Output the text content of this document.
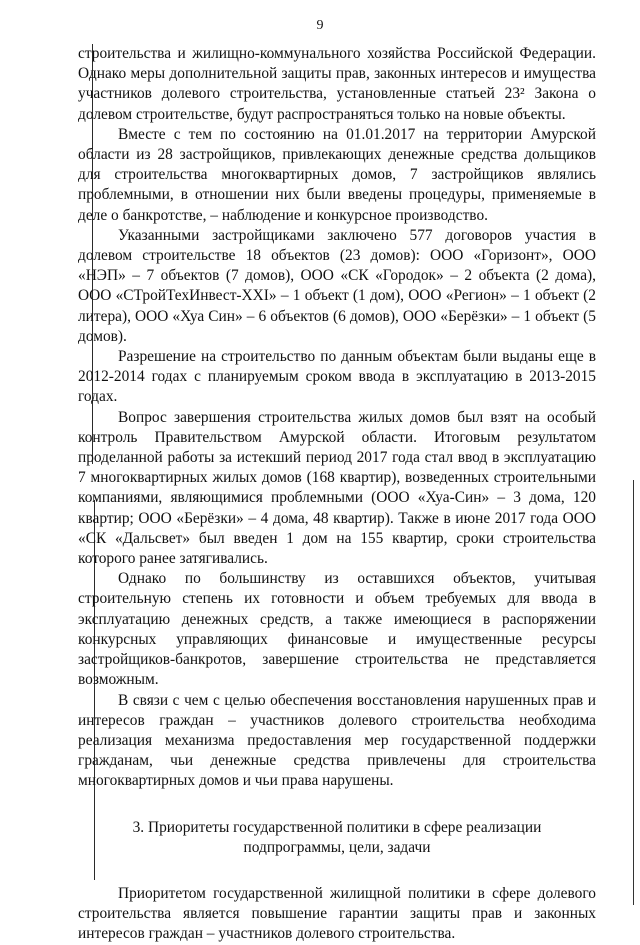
9

строительства и жилищно-коммунального хозяйства Российской Федерации. Однако меры дополнительной защиты прав, законных интересов и имущества участников долевого строительства, установленные статьей 23² Закона о долевом строительстве, будут распространяться только на новые объекты.

Вместе с тем по состоянию на 01.01.2017 на территории Амурской области из 28 застройщиков, привлекающих денежные средства дольщиков для строительства многоквартирных домов, 7 застройщиков являлись проблемными, в отношении них были введены процедуры, применяемые в деле о банкротстве, – наблюдение и конкурсное производство.

Указанными застройщиками заключено 577 договоров участия в долевом строительстве 18 объектов (23 домов): ООО «Горизонт», ООО «НЭП» – 7 объектов (7 домов), ООО «СК «Городок» – 2 объекта (2 дома), ООО «СТройТехИнвест-XXI» – 1 объект (1 дом), ООО «Регион» – 1 объект (2 литера), ООО «Хуа Син» – 6 объектов (6 домов), ООО «Берёзки» – 1 объект (5 домов).

Разрешение на строительство по данным объектам были выданы еще в 2012-2014 годах с планируемым сроком ввода в эксплуатацию в 2013-2015 годах.

Вопрос завершения строительства жилых домов был взят на особый контроль Правительством Амурской области. Итоговым результатом проделанной работы за истекший период 2017 года стал ввод в эксплуатацию 7 многоквартирных жилых домов (168 квартир), возведенных строительными компаниями, являющимися проблемными (ООО «Хуа-Син» – 3 дома, 120 квартир; ООО «Берёзки» – 4 дома, 48 квартир). Также в июне 2017 года ООО «СК «Дальсвет» был введен 1 дом на 155 квартир, сроки строительства которого ранее затягивались.

Однако по большинству из оставшихся объектов, учитывая строительную степень их готовности и объем требуемых для ввода в эксплуатацию денежных средств, а также имеющиеся в распоряжении конкурсных управляющих финансовые и имущественные ресурсы застройщиков-банкротов, завершение строительства не представляется возможным.

В связи с чем с целью обеспечения восстановления нарушенных прав и интересов граждан – участников долевого строительства необходима реализация механизма предоставления мер государственной поддержки гражданам, чьи денежные средства привлечены для строительства многоквартирных домов и чьи права нарушены.

3. Приоритеты государственной политики в сфере реализации
подпрограммы, цели, задачи

Приоритетом государственной жилищной политики в сфере долевого строительства является повышение гарантии защиты прав и законных интересов граждан – участников долевого строительства.
